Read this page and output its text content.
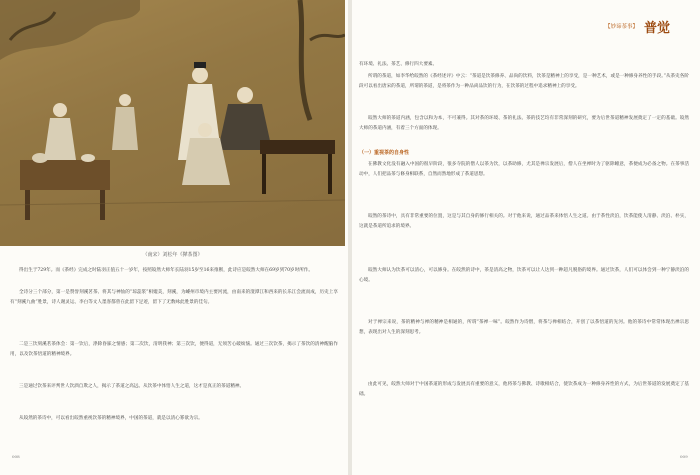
（南宋）刘松年《撵茶图》

得出生于729年。而《茶经》完成之时陆羽正值五十一岁年，按照皎然大师年长陆羽15岁至16来推断，此诗应是皎然大师在69岁到70岁时所作。

全诗分三个部分，第一是赞誉刻溪茗茶、将其与神仙的“琼蕊浆”相媲美，刻溪，为嵊州市境内主要河流，由南来的澄潭江和西来的长乐江会流而成，历史上享有“刻溪九曲”胜景，诗人谢灵运、李白等文人墨客都曾在此留下足迹，留下了无数咏此胜景的佳句。

二是三饮刻溪茗茶体会：第一饮后，涤除昏寐之情感；第二次饮，清明我神；第三次饮，便得道，无须苦心破烦恼。通过三次饮茶，揭示了茶饮的清神醒脑作用，以及饮茶悟道的精神境界。

三是通过饮茶来评判世人饮酒自欺之人，揭示了茶道之高远。从饮茶中体悟人生之道，这才是真正的茶道精神。

从皎然的茶诗中，可以看出皎然重视饮茶的精神境界，中国的茶道，就是以清心寡欲为宗。

008
【妙谛茶事】 普觉

有环境、礼法、茶艺、修行四大要素。

所谓的茶道，如李华给皎然的《茶经述评》中云：“茶道是饮茶修养、品尚的饮料，饮茶是精神上的享受，是一种艺术，或是一种修身养性的手段。”从茶史各阶段可以看出唐宋的茶道，所谓的茶道，是将茶作为一种品尚品饮的行为，在饮茶的过程中追求精神上的享受。

皎然大师的茶道内涵，包含以和为本，不可兼得。其对茶的环境、茶的礼法、茶的技艺均有非常深刻的研究，要为后世茶道精神发展奠定了一定的基础。皎然大师的茶道内涵，有着三个方面的体现。

（一）重视茶的自身性

在佛教文化没有融入中国的很早阶段，很多寺院的僧人以茶为饮，以茶助修，尤其是禅宗发展后，僧人在坐禅时为了驱除睡意，茶便成为必备之物。在茶事活动中，人们把品茶与修身相联系，自然而然地形成了茶道思想。

皎然的茶诗中，具有非常重要的位置，这是与其自身的修行相关的。对于他来说，通过品茶来体悟人生之道。由于茶性淡泊，饮茶能使人清静、淡泊、朴实，这就是茶道所追求的境界。

皎然大师认为饮茶可以清心，可以修身。在皎然的诗中，茶是清高之物，饮茶可以让人达到一种超凡脱俗的境界。通过饮茶，人们可以体会到一种宁静淡泊的心境。

对于禅宗来说，茶的精神与禅的精神是相通的，所谓“茶禅一味”。皎然作为诗僧，将茶与禅相结合，开创了以茶悟道的先河。他的茶诗中常常体现出禅宗思想，表现出对人生的深刻思考。

由此可见，皎然大师对于中国茶道的形成与发展具有重要的意义，他将茶与佛教、诗歌相结合，使饮茶成为一种修身养性的方式，为后世茶道的发展奠定了基础。

009
